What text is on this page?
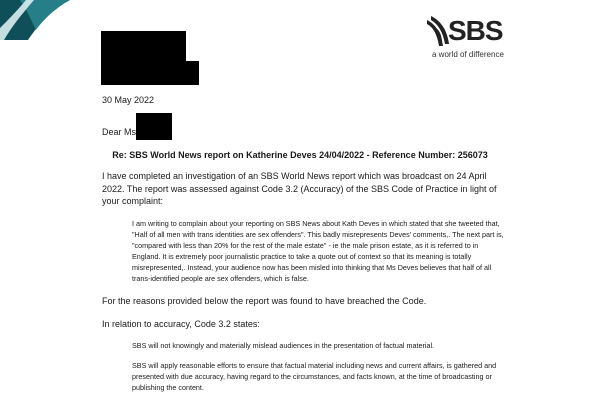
SBS
a world of difference
30 May 2022
Dear Ms
Re: SBS World News report on Katherine Deves 24/04/2022 - Reference Number: 256073

I have completed an investigation of an SBS World News report which was broadcast on 24 April 2022. The report was assessed against Code 3.2 (Accuracy) of the SBS Code of Practice in light of your complaint:

I am writing to complain about your reporting on SBS News about Kath Deves in which stated that she tweeted that, "Half of all men with trans identities are sex offenders". This badly misrepresents Deves' comments,. The next part is, "compared with less than 20% for the rest of the male estate" - ie the male prison estate, as it is referred to in England. It is extremely poor journalistic practice to take a quote out of context so that its meaning is totally misrepresented,. Instead, your audience now has been misled into thinking that Ms Deves believes that half of all trans-identified people are sex offenders, which is false.

For the reasons provided below the report was found to have breached the Code.

In relation to accuracy, Code 3.2 states:

SBS will not knowingly and materially mislead audiences in the presentation of factual material.

SBS will apply reasonable efforts to ensure that factual material including news and current affairs, is gathered and presented with due accuracy, having regard to the circumstances, and facts known, at the time of broadcasting or publishing the content.
